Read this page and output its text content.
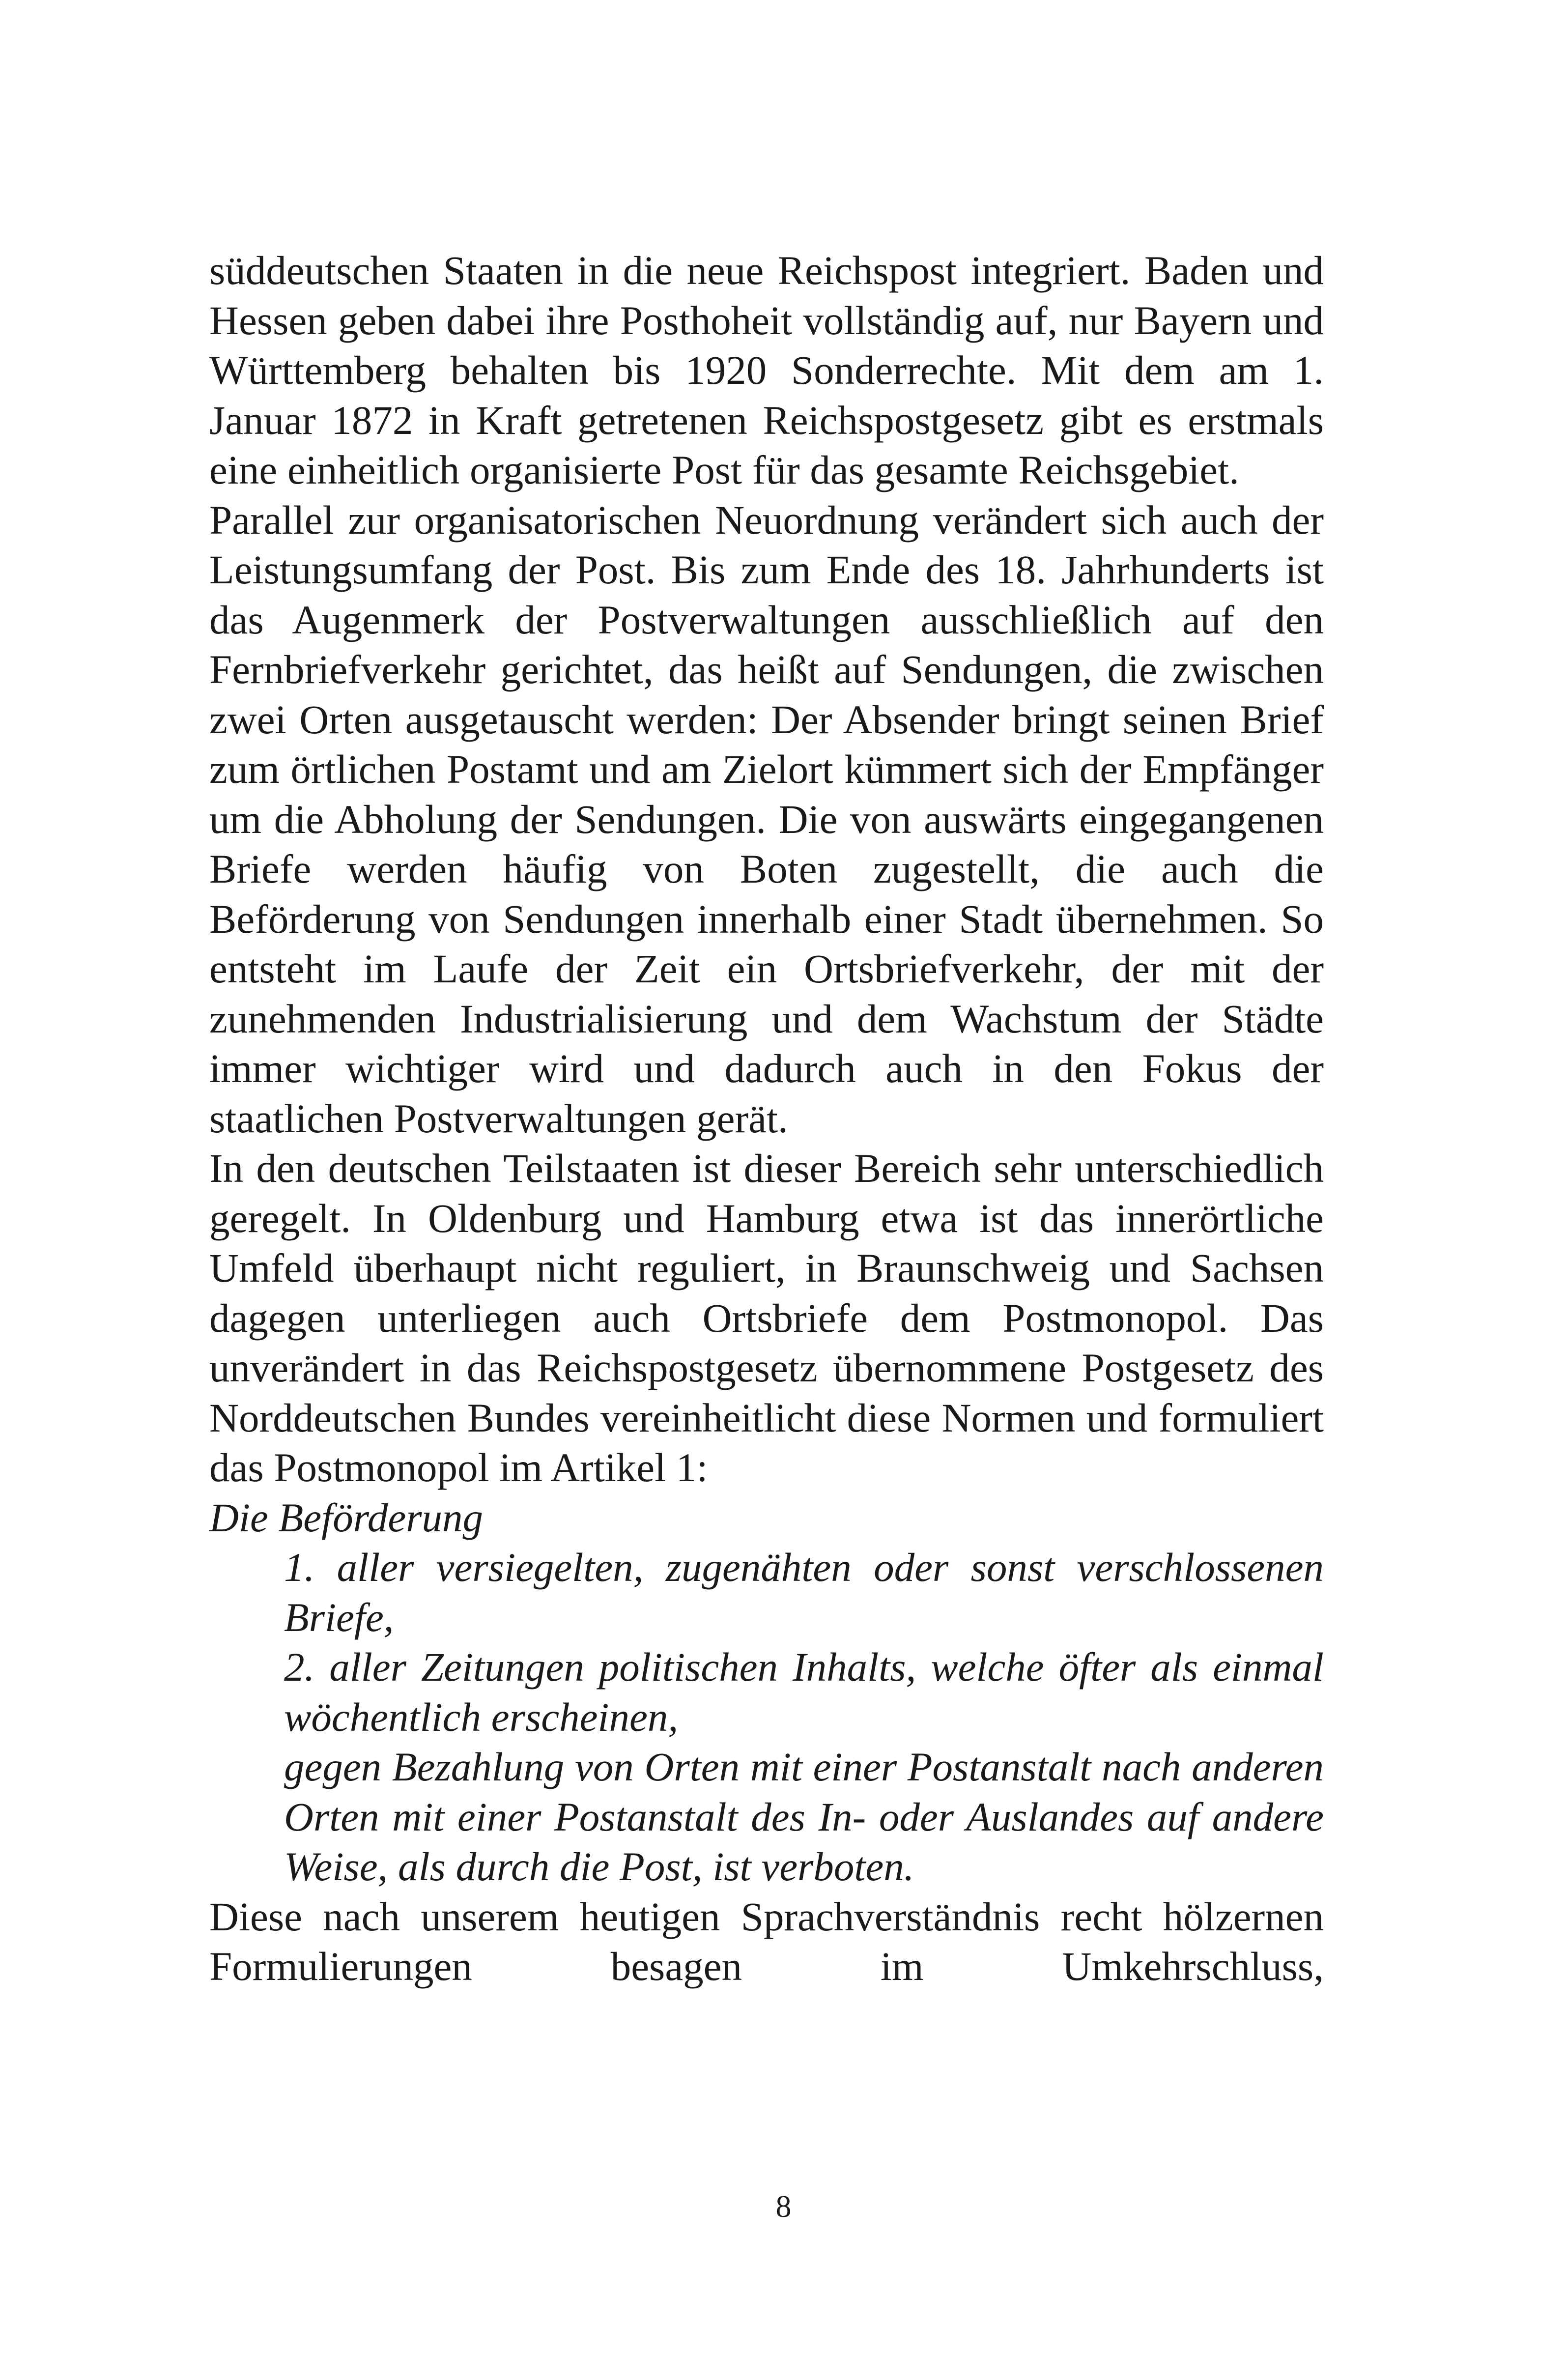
süddeutschen Staaten in die neue Reichspost integriert. Baden und Hessen geben dabei ihre Posthoheit vollständig auf, nur Bayern und Württemberg behalten bis 1920 Sonderrechte. Mit dem am 1. Januar 1872 in Kraft getretenen Reichspostgesetz gibt es erstmals eine einheitlich organisierte Post für das gesamte Reichsgebiet.

Parallel zur organisatorischen Neuordnung verändert sich auch der Leistungsumfang der Post. Bis zum Ende des 18. Jahrhunderts ist das Augenmerk der Postverwaltungen ausschließlich auf den Fernbriefverkehr gerichtet, das heißt auf Sendungen, die zwischen zwei Orten ausgetauscht werden: Der Absender bringt seinen Brief zum örtlichen Postamt und am Zielort kümmert sich der Empfänger um die Abholung der Sendungen. Die von auswärts eingegangenen Briefe werden häufig von Boten zugestellt, die auch die Beförderung von Sendungen innerhalb einer Stadt übernehmen. So entsteht im Laufe der Zeit ein Ortsbriefverkehr, der mit der zunehmenden Industrialisierung und dem Wachstum der Städte immer wichtiger wird und dadurch auch in den Fokus der staatlichen Postverwaltungen gerät.

In den deutschen Teilstaaten ist dieser Bereich sehr unterschiedlich geregelt. In Oldenburg und Hamburg etwa ist das innerörtliche Umfeld überhaupt nicht reguliert, in Braunschweig und Sachsen dagegen unterliegen auch Ortsbriefe dem Postmonopol. Das unverändert in das Reichspostgesetz übernommene Postgesetz des Norddeutschen Bundes vereinheitlicht diese Normen und formuliert das Postmonopol im Artikel 1:

Die Beförderung

1. aller versiegelten, zugenähten oder sonst verschlossenen Briefe,

2. aller Zeitungen politischen Inhalts, welche öfter als einmal wöchentlich erscheinen,

gegen Bezahlung von Orten mit einer Postanstalt nach anderen Orten mit einer Postanstalt des In- oder Auslandes auf andere Weise, als durch die Post, ist verboten.

Diese nach unserem heutigen Sprachverständnis recht hölzernen Formulierungen besagen im Umkehrschluss,

8
